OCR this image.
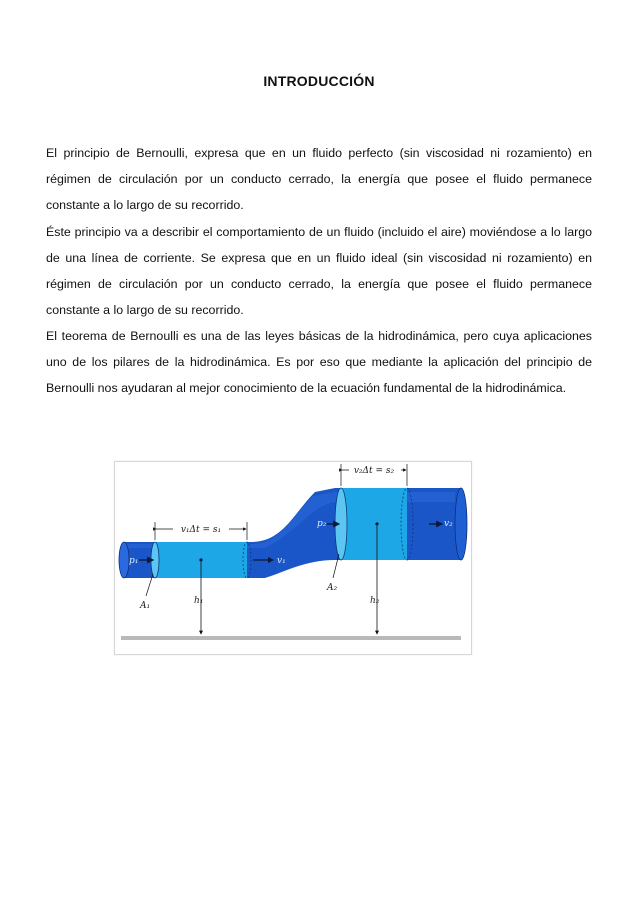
INTRODUCCIÓN

El principio de Bernoulli, expresa que en un fluido perfecto (sin viscosidad ni rozamiento) en régimen de circulación por un conducto cerrado, la energía que posee el fluido permanece constante a lo largo de su recorrido.

Éste principio va a describir el comportamiento de un fluido (incluido el aire) moviéndose a lo largo de una línea de corriente. Se expresa que en un fluido ideal (sin viscosidad ni rozamiento) en régimen de circulación por un conducto cerrado, la energía que posee el fluido permanece constante a lo largo de su recorrido.

El teorema de Bernoulli es una de las leyes básicas de la hidrodinámica, pero cuya aplicaciones uno de los pilares de la hidrodinámica. Es por eso que mediante la aplicación del principio de Bernoulli nos ayudaran al mejor conocimiento de la ecuación fundamental de la hidrodinámica.

v₁Δt = s₁
v₂Δt = s₂
p₁
p₂	v₂
v₁
h₁	h₂
A₁
A₂
